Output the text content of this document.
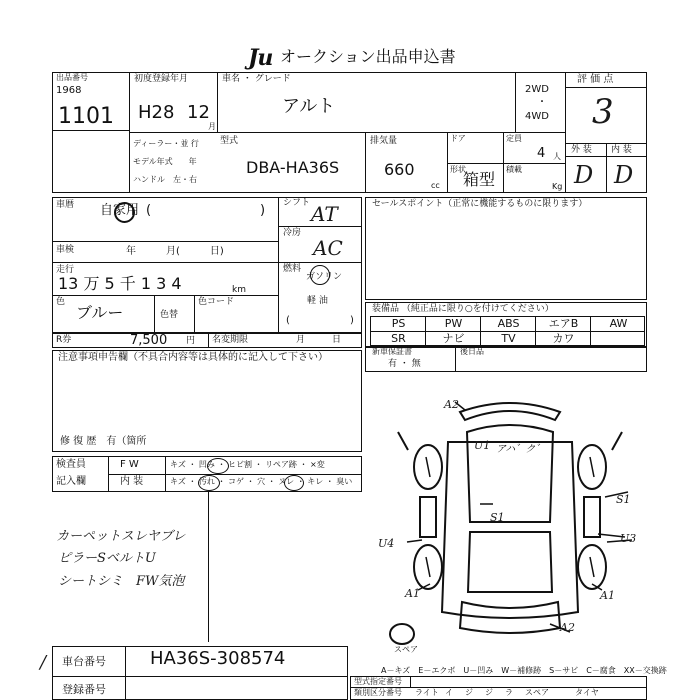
Ju オークション出品申込書
出品番号
1968
1101
初度登録年月
H28 12
月
車名 ・ グレード
アルト
2WD
・
4WD
評 価 点
3
ディーラー・並 行
モデル年式　　年
ハンドル　左・右
型式
DBA-HA36S
排気量
660
cc
ドア	定員
4 人
形状
箱型
積載
Kg
外 装 内 装
D D
車暦 自家用 (	) シフト AT
冷房
AC
燃料
ガソリン
軽 油
(	)
車検	年　　　月(　　　日)
走行
13 万 5 千 1 3 4	km
色
ブルー	色替
色コード
R券	7,500 円 名変期限	月　　　日
注意事項申告欄（不具合内容等は具体的に記入して下さい）
修 復 歴　有（箇所
検査員
記入欄
F W	キズ ・ 凹み ・ ヒビ割 ・ リペア跡 ・ ×変
内 装	キズ ・ 汚れ ・ コゲ ・ 穴 ・ ヌレ ・ キレ ・ 臭い
カーペットスレヤブレ
ピラーSベルトU
シートシミ　FW気泡
車台番号 HA36S-308574
登録番号
/
セールスポイント（正常に機能するものに限ります）
装備品 （純正品に限り○を付けてください）
PS	PW	ABS	エアB	AW
SR	ナビ	TV	カワ
新車保証書
有 ・ 無
後日品
A2
U1 アハ゛ク゛
S1
S1
U4	U3
A1	A1
A2
スペア
A－キズ　E－エクボ　U－凹み　W－補修跡　S－サビ　C－腐食　XX－交換跡
型式指定番号
類別区分番号 ライト イ ジ ジ ラ スペア	タイヤ
